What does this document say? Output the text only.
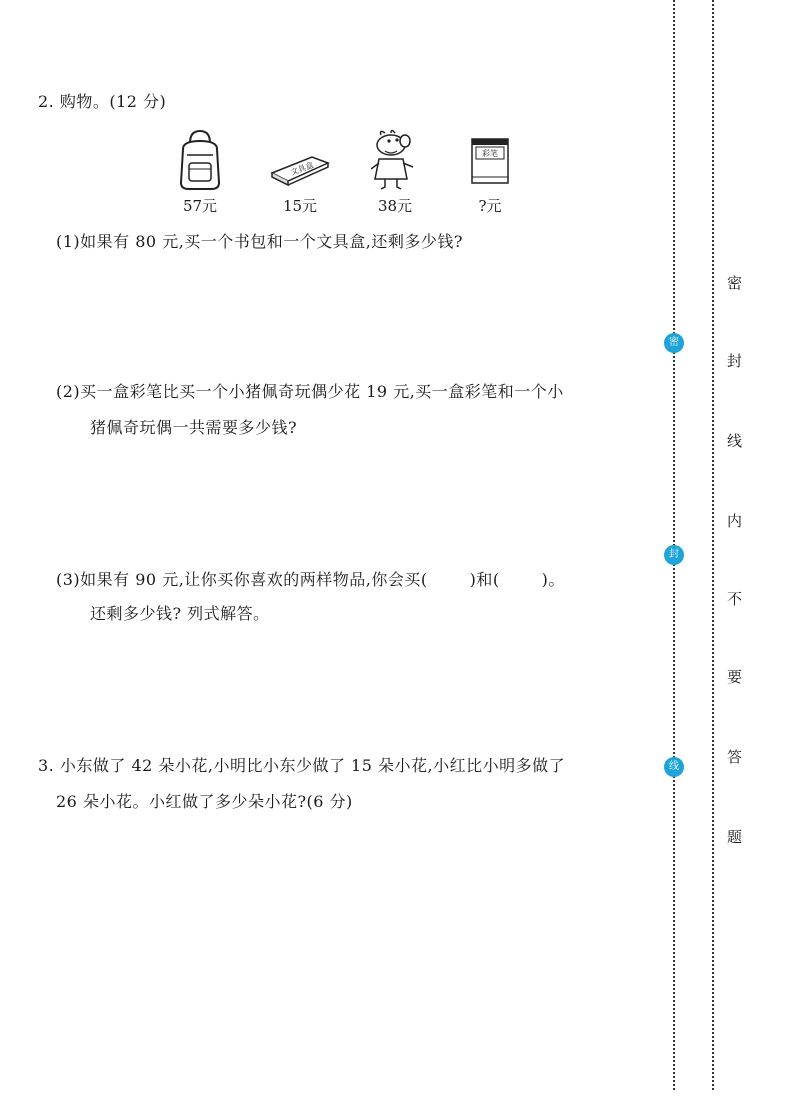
2. 购物。(12 分)
57元
文具盒
15元	38元
彩笔
?元
(1)如果有 80 元,买一个书包和一个文具盒,还剩多少钱?
(2)买一盒彩笔比买一个小猪佩奇玩偶少花 19 元,买一盒彩笔和一个小
猪佩奇玩偶一共需要多少钱?
(3)如果有 90 元,让你买你喜欢的两样物品,你会买(	)和(	)。
还剩多少钱? 列式解答。
3. 小东做了 42 朵小花,小明比小东少做了 15 朵小花,小红比小明多做了
26 朵小花。小红做了多少朵小花?(6 分)
密
封
线
密
封
线
内
不
要
答
题
